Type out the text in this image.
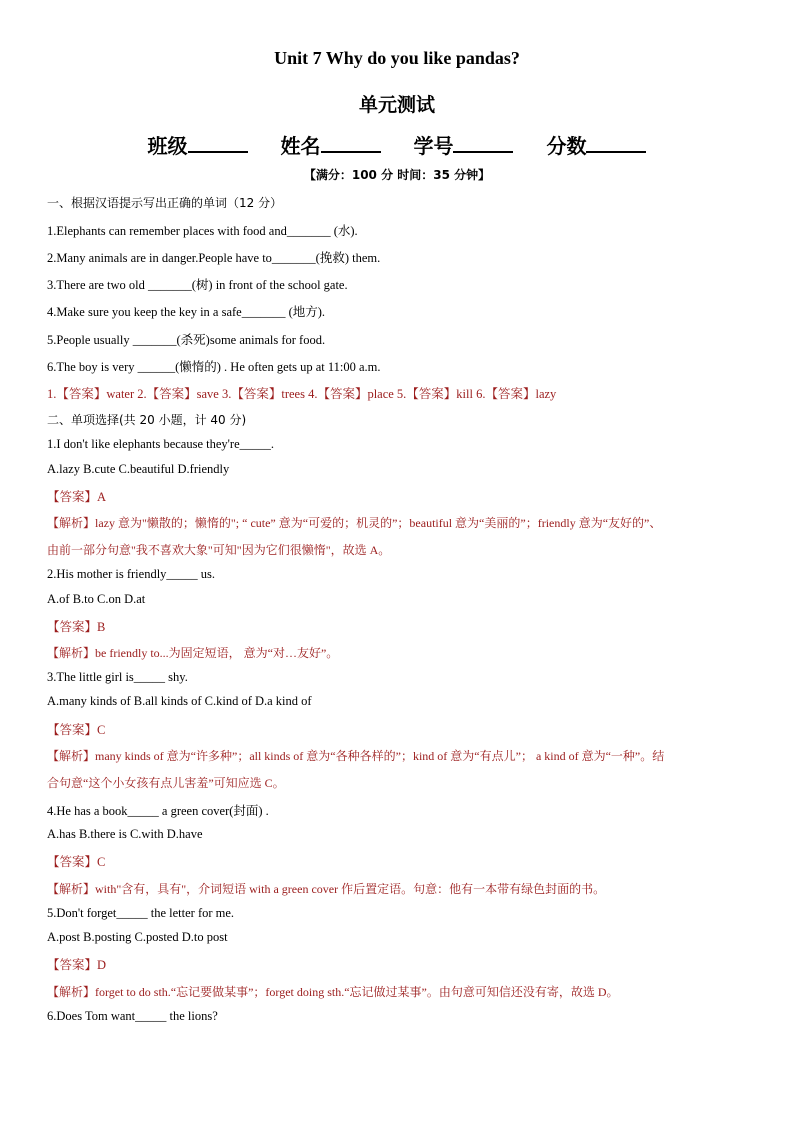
Unit 7 Why do you like pandas?
单元测试
班级	姓名	学号	分数
【满分：100 分 时间：35 分钟】
一、根据汉语提示写出正确的单词（12 分）
1.Elephants can remember places with food and_______ (水).
2.Many animals are in danger.People have to_______(挽救) them.
3.There are two old _______(树) in front of the school gate.
4.Make sure you keep the key in a safe_______ (地方).
5.People usually _______(杀死)some animals for food.
6.The boy is very ______(懒惰的) . He often gets up at 11:00 a.m.
1.【答案】water 2.【答案】save 3.【答案】trees 4.【答案】place 5.【答案】kill 6.【答案】lazy
二、单项选择(共 20 小题，计 40 分)
1.I don't like elephants because they're_____.
A.lazy B.cute C.beautiful D.friendly
【答案】A
【解析】lazy 意为"懒散的；懒惰的"; “ cute” 意为“可爱的；机灵的”；beautiful 意为“美丽的”；friendly 意为“友好的”、
由前一部分句意"我不喜欢大象"可知"因为它们很懒惰"，故选 A。
2.His mother is friendly_____ us.
A.of B.to C.on D.at
【答案】B
【解析】be friendly to...为固定短语， 意为“对…友好”。
3.The little girl is_____ shy.
A.many kinds of B.all kinds of C.kind of D.a kind of
【答案】C
【解析】many kinds of 意为“许多种”；all kinds of 意为“各种各样的”；kind of 意为“有点儿”； a kind of 意为“一种”。结
合句意“这个小女孩有点儿害羞”可知应选 C。
4.He has a book_____ a green cover(封面) .
A.has B.there is C.with D.have
【答案】C
【解析】with"含有，具有"，介词短语 with a green cover 作后置定语。句意：他有一本带有绿色封面的书。
5.Don't forget_____ the letter for me.
A.post B.posting C.posted D.to post
【答案】D
【解析】forget to do sth.“忘记要做某事”；forget doing sth.“忘记做过某事”。由句意可知信还没有寄，故选 D。
6.Does Tom want_____ the lions?
